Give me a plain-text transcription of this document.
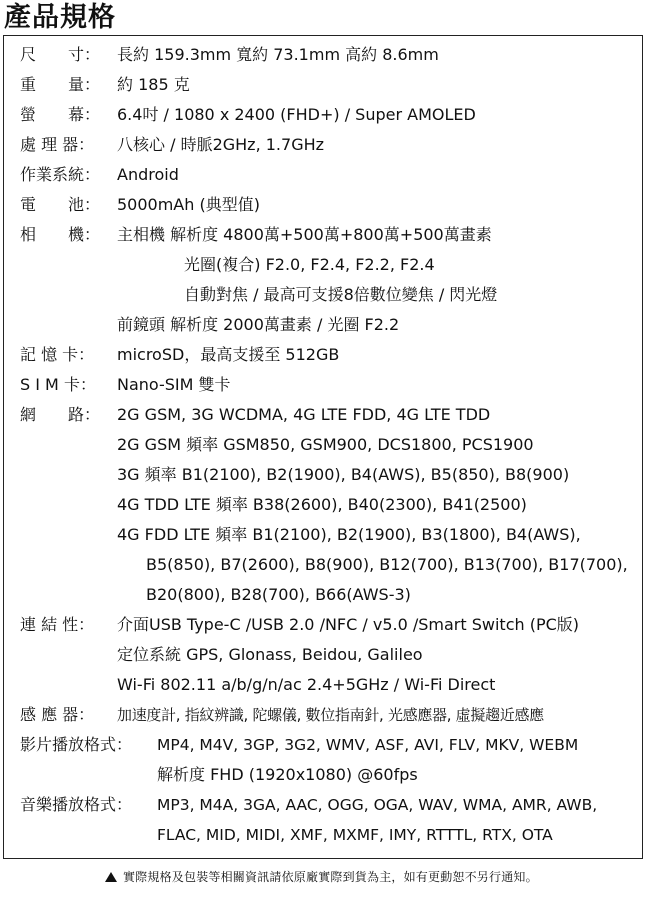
產品規格
尺　　寸： 長約 159.3mm 寬約 73.1mm 高約 8.6mm
重　　量： 約 185 克
螢　　幕： 6.4吋 / 1080 x 2400 (FHD+) / Super AMOLED
處 理 器： 八核心 / 時脈2GHz, 1.7GHz
作業系統： Android
電　　池： 5000mAh (典型值)
相　　機： 主相機 解析度 4800萬+500萬+800萬+500萬畫素
光圈(複合) F2.0, F2.4, F2.2, F2.4
自動對焦 / 最高可支援8倍數位變焦 / 閃光燈
前鏡頭 解析度 2000萬畫素 / 光圈 F2.2
記 憶 卡： microSD，最高支援至 512GB
S I M 卡： Nano-SIM 雙卡
網　　路： 2G GSM, 3G WCDMA, 4G LTE FDD, 4G LTE TDD
2G GSM 頻率 GSM850, GSM900, DCS1800, PCS1900
3G 頻率 B1(2100), B2(1900), B4(AWS), B5(850), B8(900)
4G TDD LTE 頻率 B38(2600), B40(2300), B41(2500)
4G FDD LTE 頻率 B1(2100), B2(1900), B3(1800), B4(AWS),
B5(850), B7(2600), B8(900), B12(700), B13(700), B17(700),
B20(800), B28(700), B66(AWS-3)
連 結 性： 介面USB Type-C /USB 2.0 /NFC / v5.0 /Smart Switch (PC版)
定位系統 GPS, Glonass, Beidou, Galileo
Wi-Fi 802.11 a/b/g/n/ac 2.4+5GHz / Wi-Fi Direct
感 應 器： 加速度計, 指紋辨識, 陀螺儀, 數位指南針, 光感應器, 虛擬趨近感應
影片播放格式： MP4, M4V, 3GP, 3G2, WMV, ASF, AVI, FLV, MKV, WEBM
解析度 FHD (1920x1080) @60fps
音樂播放格式： MP3, M4A, 3GA, AAC, OGG, OGA, WAV, WMA, AMR, AWB,
FLAC, MID, MIDI, XMF, MXMF, IMY, RTTTL, RTX, OTA
實際規格及包裝等相關資訊請依原廠實際到貨為主，如有更動恕不另行通知。
